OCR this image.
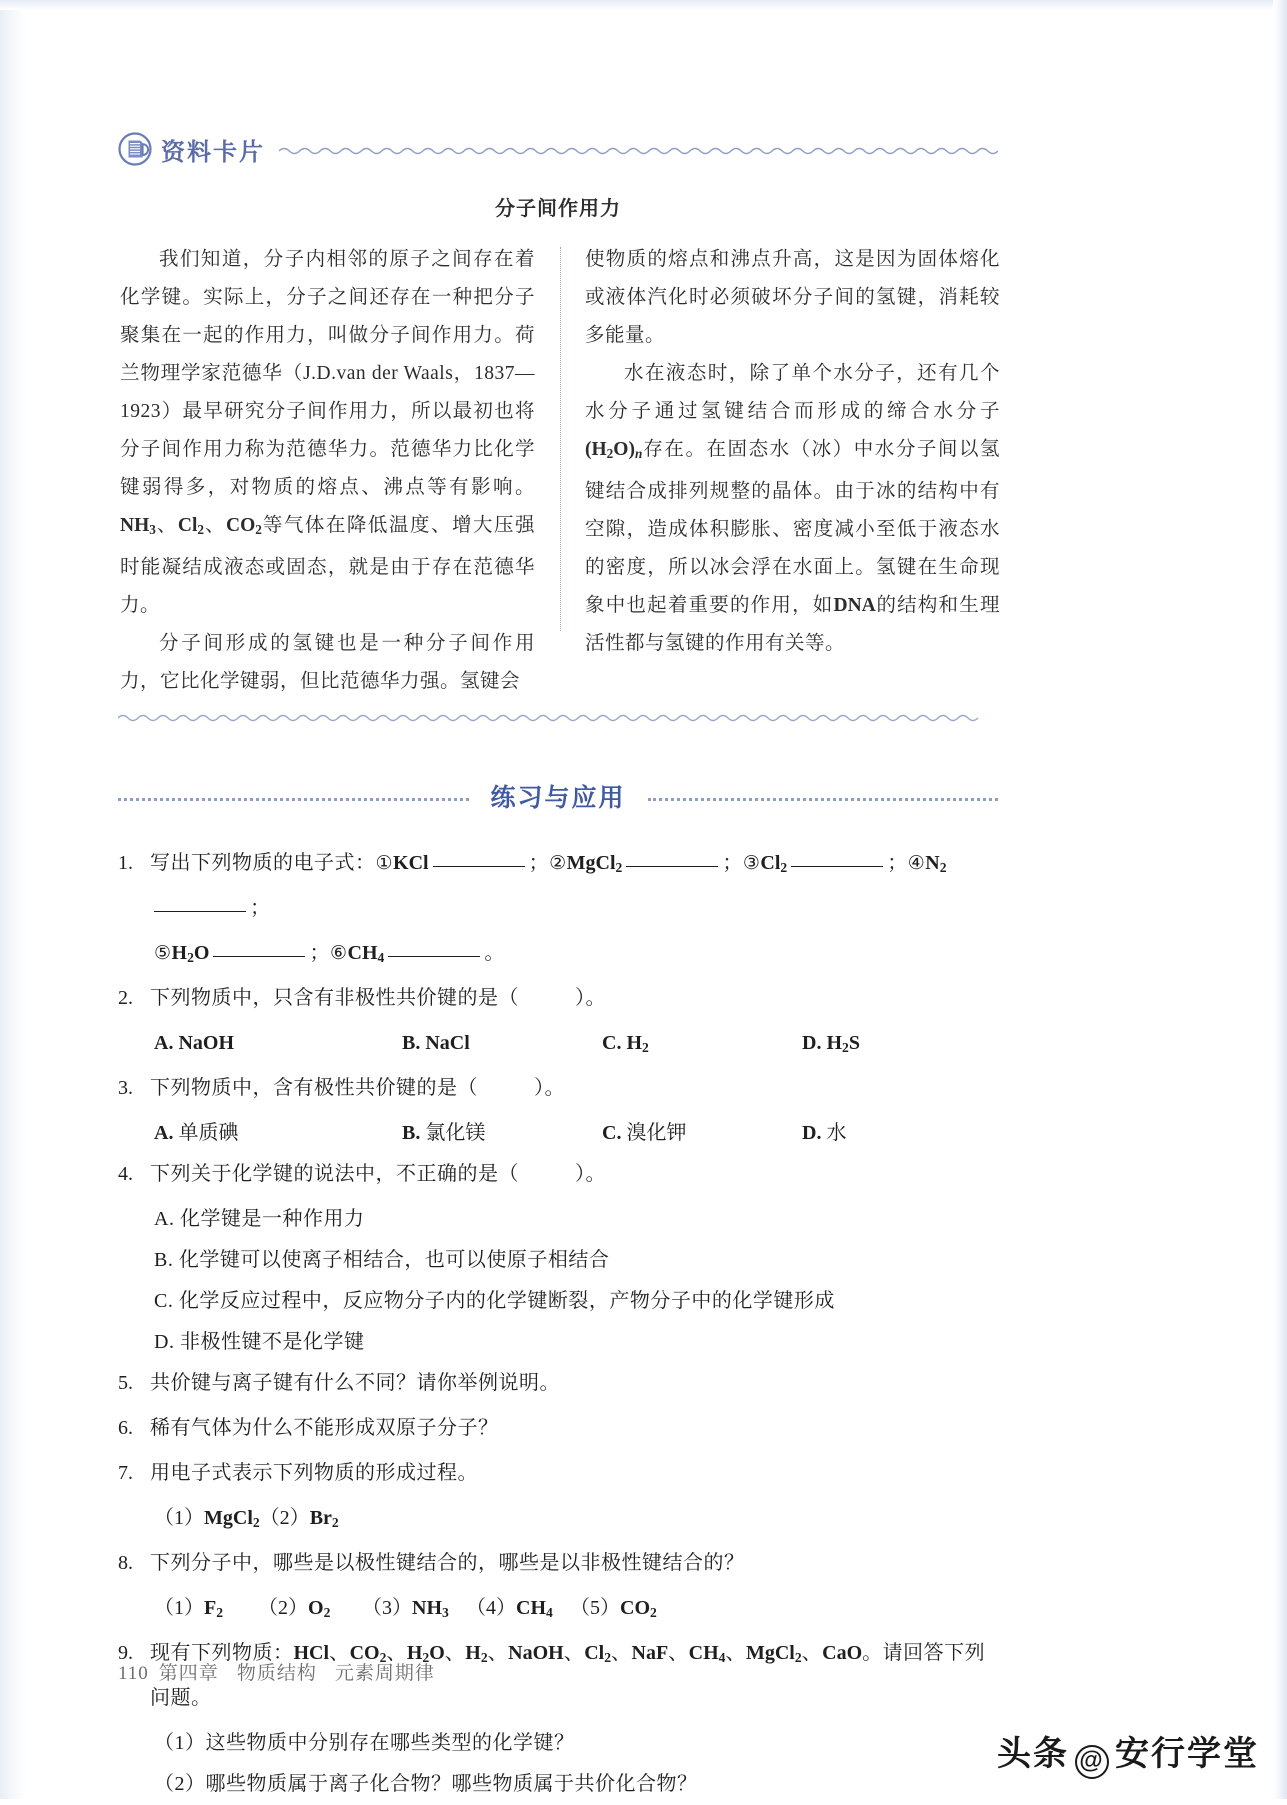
资料卡片
分子间作用力

我们知道，分子内相邻的原子之间存在着化学键。实际上，分子之间还存在一种把分子聚集在一起的作用力，叫做分子间作用力。荷兰物理学家范德华（J.D.van der Waals，1837—1923）最早研究分子间作用力，所以最初也将分子间作用力称为范德华力。范德华力比化学键弱得多，对物质的熔点、沸点等有影响。$NH_3$、$Cl_2$、$CO_2$等气体在降低温度、增大压强时能凝结成液态或固态，就是由于存在范德华力。

分子间形成的氢键也是一种分子间作用力，它比化学键弱，但比范德华力强。氢键会

使物质的熔点和沸点升高，这是因为固体熔化或液体汽化时必须破坏分子间的氢键，消耗较多能量。

水在液态时，除了单个水分子，还有几个水分子通过氢键结合而形成的缔合水分子$(H_2O)_n$存在。在固态水（冰）中水分子间以氢键结合成排列规整的晶体。由于冰的结构中有空隙，造成体积膨胀、密度减小至低于液态水的密度，所以冰会浮在水面上。氢键在生命现象中也起着重要的作用，如DNA的结构和生理活性都与氢键的作用有关等。

练习与应用
1. 写出下列物质的电子式：①KCl	；②MgCl$_2$	；$③Cl_2$	；$④N_2$；
$⑤H_2O$	；$⑥CH_4$	。
2. 下列物质中，只含有非极性共价键的是（	）。
A. NaOH	B. NaCl	C. $H_2$	D. $H_2S$
3. 下列物质中，含有极性共价键的是（	）。
A. 单质碘	B. 氯化镁	C. 溴化钾	D. 水
4. 下列关于化学键的说法中，不正确的是（	）。
A. 化学键是一种作用力
B. 化学键可以使离子相结合，也可以使原子相结合
C. 化学反应过程中，反应物分子内的化学键断裂，产物分子中的化学键形成
D. 非极性键不是化学键
5. 共价键与离子键有什么不同？请你举例说明。
6. 稀有气体为什么不能形成双原子分子？
7. 用电子式表示下列物质的形成过程。
（1）MgCl$_2$ $(2)Br_2$
8. 下列分子中，哪些是以极性键结合的，哪些是以非极性键结合的？
$(1)F_2$	$(2)O_2$	$(3)NH_3$ $(4)CH_4$ $(5)CO_2$
9. 现有下列物质：HCl、$CO_2$、$H_2O$、$H_2$、NaOH、$Cl_2$、NaF、$CH_4$、MgCl$_2$、CaO。请回答下列问题。
（1）这些物质中分别存在哪些类型的化学键？
（2）哪些物质属于离子化合物？哪些物质属于共价化合物？
110 第四章 物质结构 元素周期律
头条 @ 安行学堂
